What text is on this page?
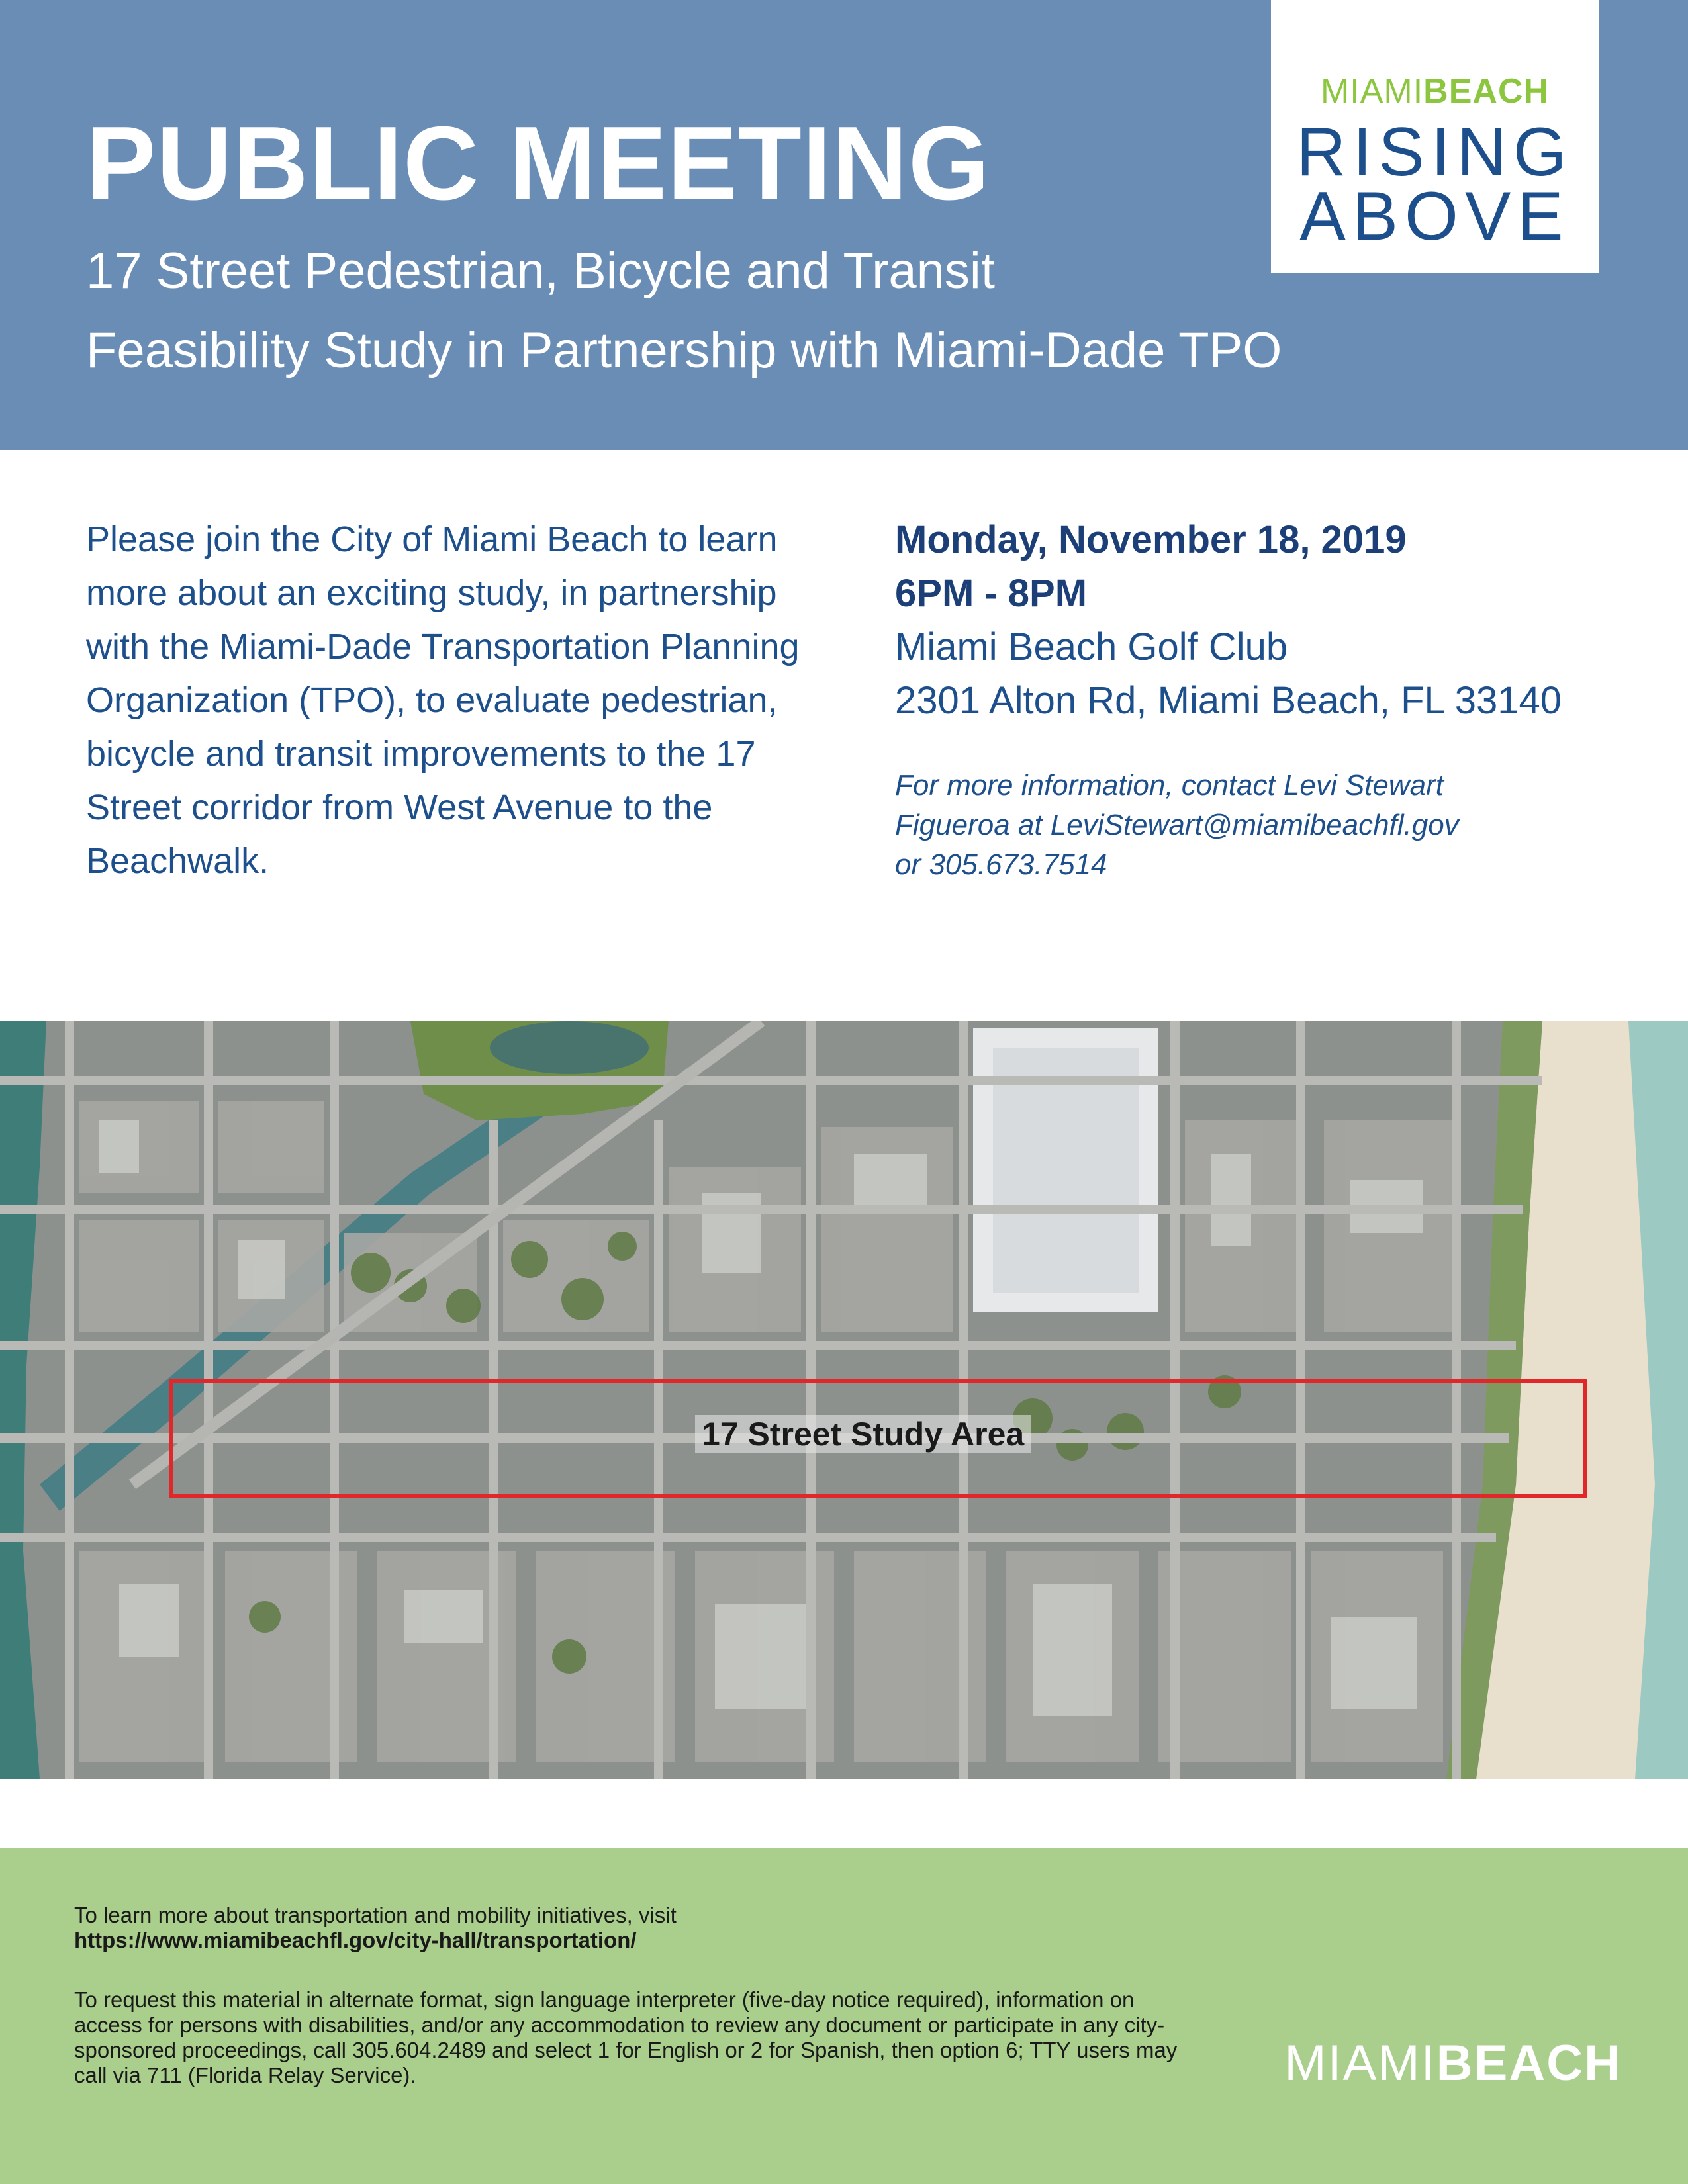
PUBLIC MEETING
17 Street Pedestrian, Bicycle and Transit
Feasibility Study in Partnership with Miami-Dade TPO
MIAMIBEACH
RISING
ABOVE
Please join the City of Miami Beach to learn more about an exciting study, in partnership with the Miami-Dade Transportation Planning Organization (TPO), to evaluate pedestrian, bicycle and transit improvements to the 17 Street corridor from West Avenue to the Beachwalk.
Monday, November 18, 2019
6PM - 8PM
Miami Beach Golf Club
2301 Alton Rd, Miami Beach, FL 33140
For more information, contact Levi Stewart
Figueroa at LeviStewart@miamibeachfl.gov
or 305.673.7514
17 Street Study Area
To learn more about transportation and mobility initiatives, visit
https://www.miamibeachfl.gov/city-hall/transportation/
To request this material in alternate format, sign language interpreter (five-day notice required), information on access for persons with disabilities, and/or any accommodation to review any document or participate in any city-sponsored proceedings, call 305.604.2489 and select 1 for English or 2 for Spanish, then option 6; TTY users may call via 711 (Florida Relay Service).	MIAMIBEACH
